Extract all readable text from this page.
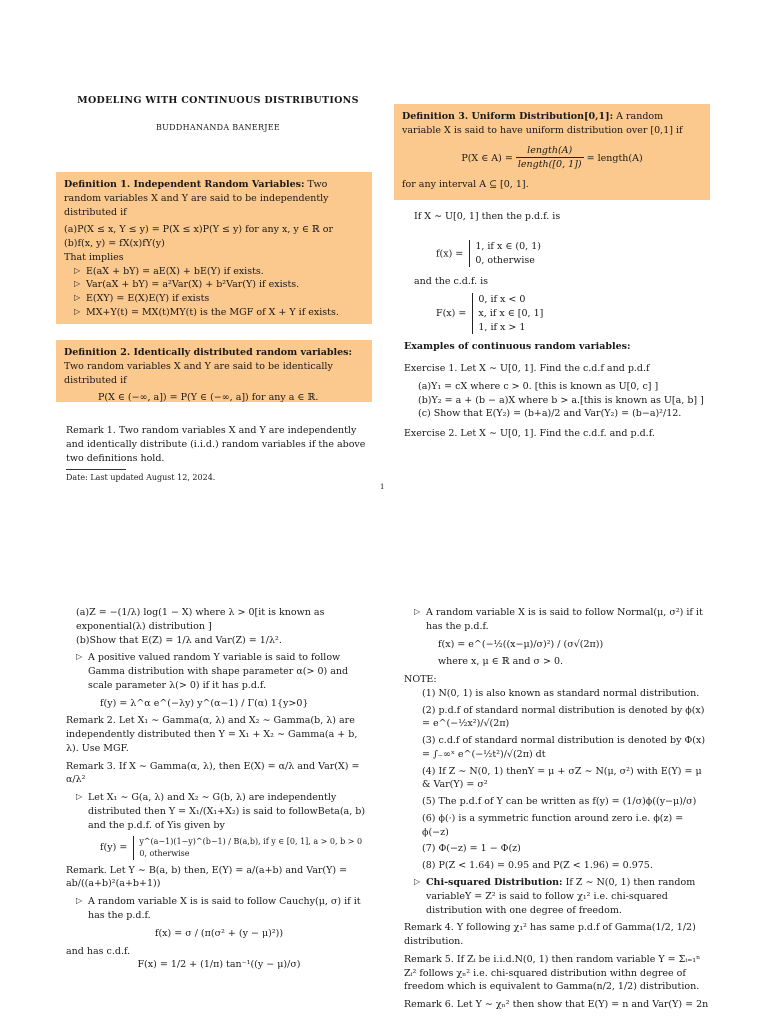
MODELING WITH CONTINUOUS DISTRIBUTIONS
BUDDHANANDA BANERJEE
Definition 1. Independent Random Variables: Two random variables X and Y are said to be independently distributed if
(a)P(X ≤ x, Y ≤ y) = P(X ≤ x)P(Y ≤ y) for any x, y ∈ ℝ or
(b)f(x, y) = fX(x)fY(y)
That implies
▷ E(aX + bY) = aE(X) + bE(Y) if exists.
▷ Var(aX + bY) = a²Var(X) + b²Var(Y) if exists.
▷ E(XY) = E(X)E(Y) if exists
▷ MX+Y(t) = MX(t)MY(t) is the MGF of X + Y if exists.
Definition 2. Identically distributed random variables: Two random variables X and Y are said to be identically distributed if
P(X ∈ (−∞, a]) = P(Y ∈ (−∞, a]) for any a ∈ ℝ.
Remark 1. Two random variables X and Y are independently and identically distribute (i.i.d.) random variables if the above two definitions hold.
Date: Last updated August 12, 2024.
Definition 3. Uniform Distribution[0,1]: A random variable X is said to have uniform distribution over [0,1] if
P(X ∈ $A) = \frac{\text{length(A)}}{\text{length([0, 1])}}$ = length(A)
for any interval A ⊆ [0, 1].
If X ∼ U[0, 1] then the p.d.f. is
f(x) =
1, if x ∈ (0, 1)
0, otherwise
and the c.d.f. is
F(x) =
0, if x < 0
x, if x ∈ [0, 1]
1, if x > 1
Examples of continuous random variables:
Exercise 1. Let X ∼ U[0, 1]. Find the c.d.f and p.d.f
(a)Y₁ = cX where c > 0. [this is known as U[0, c] ]
(b)Y₂ = a + (b − a)X where b > a.[this is known as U[a, b] ]
(c) Show that E(Y₂) = (b+a)/2 and Var(Y₂) = (b−a)²/12.
Exercise 2. Let X ∼ U[0, 1]. Find the c.d.f. and p.d.f.
1
(a)Z = −(1/λ) log(1 − X) where λ > 0[it is known as exponential(λ) distribution ]
(b)Show that E(Z) = 1/λ and Var(Z) = 1/λ².
▷ A positive valued random Y variable is said to follow Gamma distribution with shape parameter α(> 0) and scale parameter λ(> 0) if it has p.d.f.
f(y) = λ^α e^(−λy) y^(α−1) / Γ(α) 1{y>0}
Remark 2. Let X₁ ∼ Gamma(α, λ) and X₂ ∼ Gamma(b, λ) are independently distributed then Y = X₁ + X₂ ∼ Gamma(a + b, λ). Use MGF.
Remark 3. If X ∼ Gamma(α, λ), then E(X) = α/λ and Var(X) = α/λ²
▷ Let X₁ ∼ G(a, λ) and X₂ ∼ G(b, λ) are independently distributed then Y = X₁/(X₁+X₂) is said to followBeta(a, b) and the p.d.f. of Yis given by
f(y) =
y^(a−1)(1−y)^(b−1) / B(a,b), if y ∈ [0, 1], a > 0, b > 0
0, otherwise
Remark. Let Y ∼ B(a, b) then, E(Y) = a/(a+b) and Var(Y) = ab/((a+b)²(a+b+1))
▷ A random variable X is is said to follow Cauchy(μ, σ) if it has the p.d.f.
f(x) = σ / (π(σ² + (y − μ)²))
and has c.d.f.
F(x) = 1/2 + (1/π) tan⁻¹((y − μ)/σ)
▷ A random variable X is is said to follow Normal(μ, σ²) if it has the p.d.f.
f(x) = e^(−½((x−μ)/σ)²) / (σ√(2π))
where x, μ ∈ ℝ and σ > 0.
NOTE:
(1) N(0, 1) is also known as standard normal distribution.
(2) p.d.f of standard normal distribution is denoted by ϕ(x) = e^(−½x²)/√(2π)
(3) c.d.f of standard normal distribution is denoted by Φ(x) = ∫₋∞ˣ e^(−½t²)/√(2π) dt
(4) If Z ∼ N(0, 1) thenY = μ + σZ ∼ N(μ, σ²) with E(Y) = μ & Var(Y) = σ²
(5) The p.d.f of Y can be written as f(y) = (1/σ)ϕ((y−μ)/σ)
(6) ϕ(·) is a symmetric function around zero i.e. ϕ(z) = ϕ(−z)
(7) Φ(−z) = 1 − Φ(z)
(8) P(Z < 1.64) = 0.95 and P(Z < 1.96) = 0.975.
▷ Chi-squared Distribution: If Z ∼ N(0, 1) then random variableY = Z² is said to follow χ₁² i.e. chi-squared distribution with one degree of freedom.
Remark 4. Y following χ₁² has same p.d.f of Gamma(1/2, 1/2) distribution.
Remark 5. If Zᵢ be i.i.d.N(0, 1) then random variable Y = Σᵢ₌₁ⁿ Zᵢ² follows χₙ² i.e. chi-squared distribution withn degree of freedom which is equivalent to Gamma(n/2, 1/2) distribution.
Remark 6. Let Y ∼ χₙ² then show that E(Y) = n and Var(Y) = 2n
